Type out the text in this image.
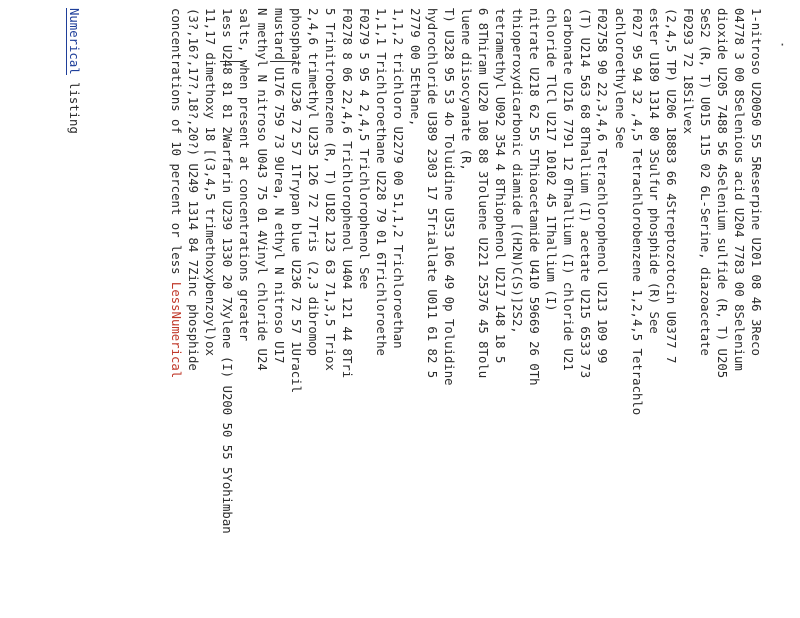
·

1-nitroso U20050 55 5Reserpine U201 08 46 3Reco
04778 3 00 8Selenious acid U204 7783 00 8Selenium
dioxide U205 7488 56 4Selenium sulfide (R, T) U205
SeS2 (R, T) U015 115 02 6L-Serine, diazoacetate
F0293 72 18Silvex
(2,4,5 TP) U206 18883 66 4Streptozotocin U0377 7
ester U189 1314 80 3Sulfur phosphide (R) See
F027 95 94 32 ,4,5 Tetrachlorobenzene 1,2,4,5 Tetrachlo
achloroethylene See
F02758 90 22,3,4,6 Tetrachlorophenol U213 109 99
(T) U214 563 68 8Thallium (I) acetate U215 6533 73
carbonate U216 7791 12 0Thallium (I) chloride U21
chloride TlCl U217 10102 45 1Thallium (I)
nitrate U218 62 55 5Thioacetamide U410 59669 26 0Th
thioperoxydicarbonic diamide [(H2N)C(S)]2S2,
tetramethyl U092 354 4 8Thiophenol U217 148 18 5
6 8Thiram U220 108 88 3Toluene U221 25376 45 8Tolu
luene diisocyanate (R,
T) U328 95 53 4o Toluidine U353 106 49 0p Toluidine
hydrochloride U389 2303 17 5Triallate U011 61 82 5
2779 00 5Ethane,
1,1,2 trichloro U2279 00 51,1,2 Trichloroethan
1,1,1 Trichloroethane U228 79 01 6Trichloroethe
F0279 5 95 4 2,4,5 Trichlorophenol See
F0278 8 06 22,4,6 Trichlorophenol U404 121 44 8Tri
5 Trinitrobenzene (R, T) U182 123 63 71,3,5 Triox
2,4,6 trimethyl U235 126 72 7Tris (2,3 dibromop
phosphate U236 72 57 1Trypan blue U236 72 57 1Uracil
mustard U176 759 73 9Urea, N ethyl N nitroso U17
N methyl N nitroso U043 75 01 4Vinyl chloride U24
salts, when present at concentrations greater
1ess U248 81 81 2Warfarin U239 1330 20 7Xylene (I) U200 50 55 5Yohimban
11,17 dimethoxy 18 [(3,4,5 trimethoxybenzoyl)ox
(3?,16?,17?,18?,20?) U249 1314 84 7Zinc phosphide
concentrations of 10 percent or less LessNumerical

Numerical listing
